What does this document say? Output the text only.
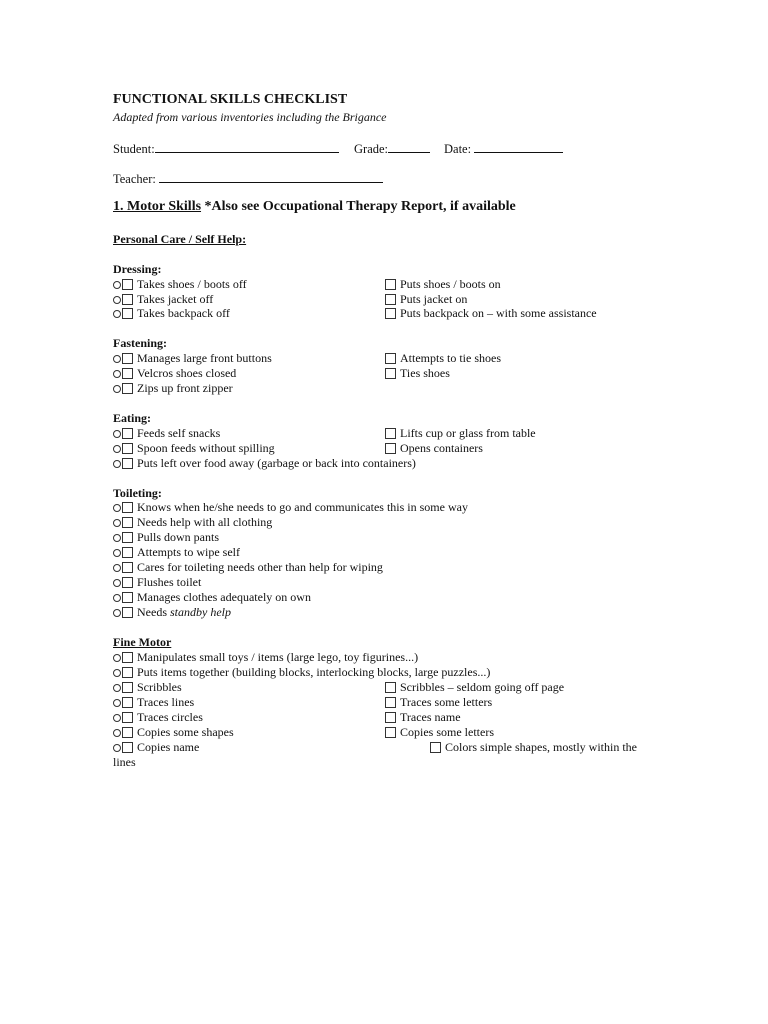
FUNCTIONAL SKILLS CHECKLIST
Adapted from various inventories including the Brigance
Student:	Grade:	Date:
Teacher:
1. Motor Skills *Also see Occupational Therapy Report, if available
Personal Care / Self Help:
Dressing:
Takes shoes / boots off
Takes jacket off
Takes backpack off
Puts shoes / boots on
Puts jacket on
Puts backpack on – with some assistance
Fastening:
Manages large front buttons
Velcros shoes closed
Zips up front zipper
Attempts to tie shoes
Ties shoes
Eating:
Feeds self snacks
Spoon feeds without spilling
Puts left over food away (garbage or back into containers)
Lifts cup or glass from table
Opens containers
Toileting:
Knows when he/she needs to go and communicates this in some way
Needs help with all clothing
Pulls down pants
Attempts to wipe self
Cares for toileting needs other than help for wiping
Flushes toilet
Manages clothes adequately on own
Needs standby help
Fine Motor
Manipulates small toys / items (large lego, toy figurines...)
Puts items together (building blocks, interlocking blocks, large puzzles...)
Scribbles
Traces lines
Traces circles
Copies some shapes
Copies name
Scribbles – seldom going off page
Traces some letters
Traces name
Copies some letters
Colors simple shapes, mostly within the
lines
